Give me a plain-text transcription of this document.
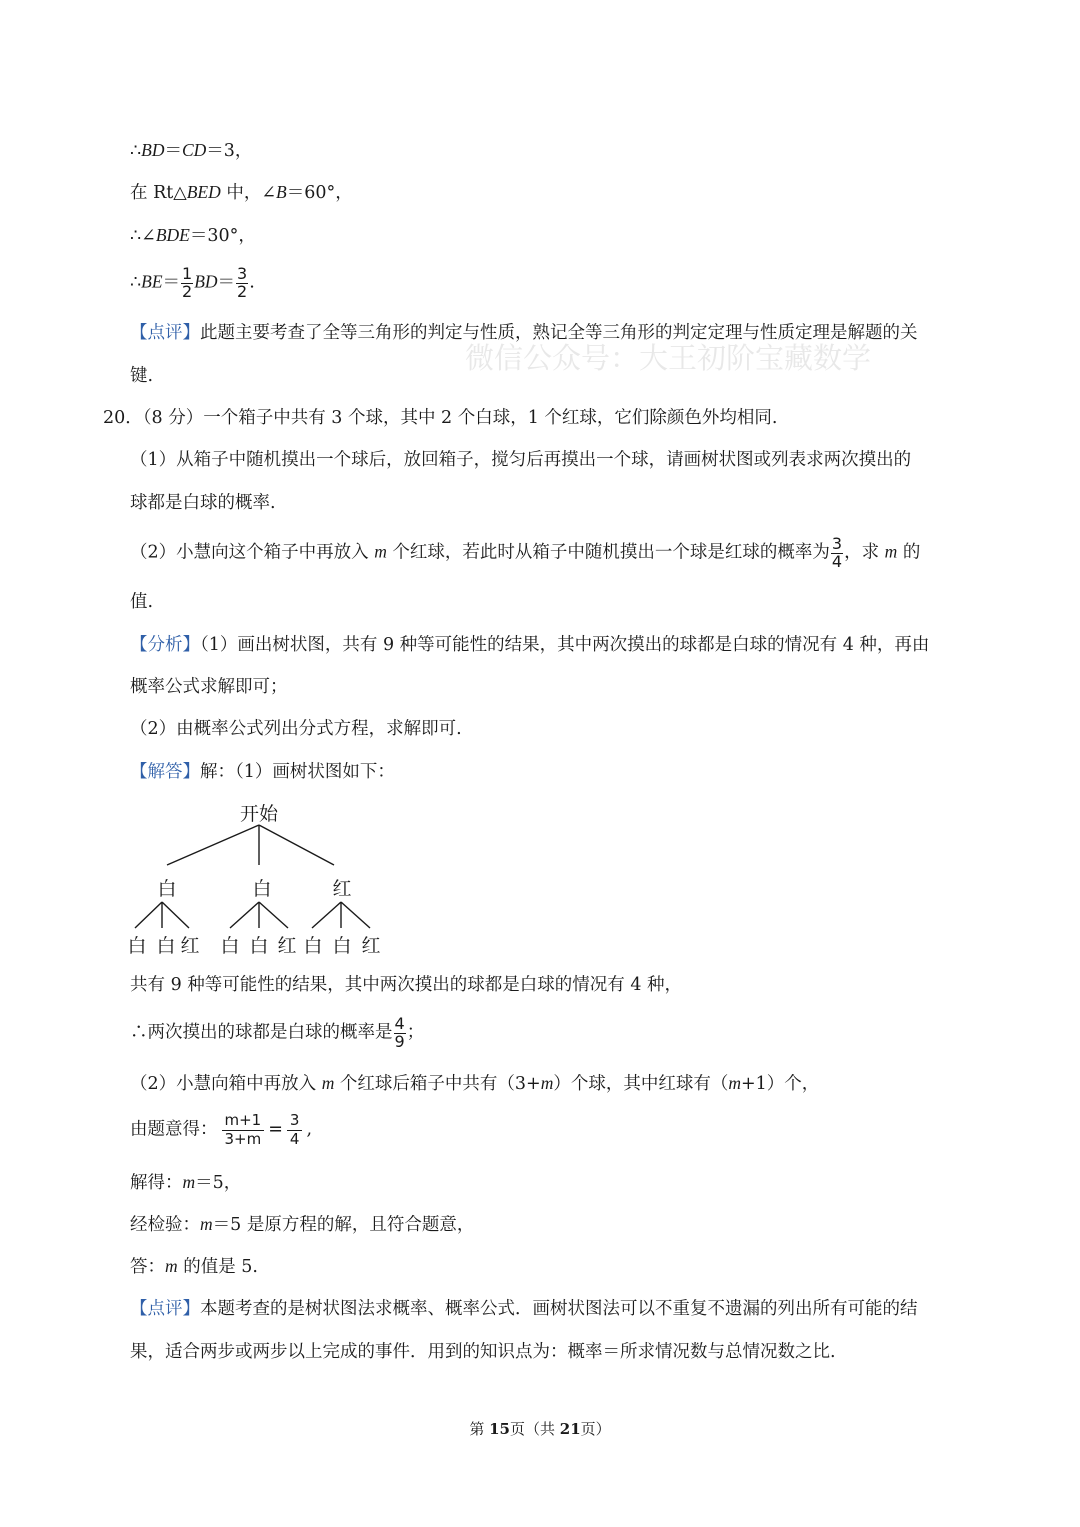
微信公众号：大王初阶宝藏数学
∴BD＝CD＝3，
在 Rt△BED 中，∠B＝60°，
∴∠BDE＝30°，
∴BE＝ $\frac{1}{2} BD= \frac{3}{2}$ .
【点评】此题主要考查了全等三角形的判定与性质，熟记全等三角形的判定定理与性质定理是解题的关
键.
20．（8 分）一个箱子中共有 3 个球，其中 2 个白球，1 个红球，它们除颜色外均相同.
（1）从箱子中随机摸出一个球后，放回箱子，搅匀后再摸出一个球，请画树状图或列表求两次摸出的
球都是白球的概率.
（2）小慧向这个箱子中再放入 m 个红球，若此时从箱子中随机摸出一个球是红球的概率为 $\frac{3}{4}$ ，求 m 的
值.
【分析】（1）画出树状图，共有 9 种等可能性的结果，其中两次摸出的球都是白球的情况有 4 种，再由
概率公式求解即可；
（2）由概率公式列出分式方程，求解即可.
【解答】解：（1）画树状图如下：
开始
白	白	红
白 白 红 白 白 红 白 白 红
共有 9 种等可能性的结果，其中两次摸出的球都是白球的情况有 4 种，
∴两次摸出的球都是白球的概率是 $\frac{4}{9}$ ；
（2）小慧向箱中再放入 m 个红球后箱子中共有（3+m）个球，其中红球有（m+1）个，
由题意得： $\frac{m+1}{3+m} = \frac{3}{4}$ ,
解得：m＝5，
经检验：m＝5 是原方程的解，且符合题意，
答：m 的值是 5.
【点评】本题考查的是树状图法求概率、概率公式．画树状图法可以不重复不遗漏的列出所有可能的结
果，适合两步或两步以上完成的事件．用到的知识点为：概率＝所求情况数与总情况数之比.
第 15页（共 21页）
